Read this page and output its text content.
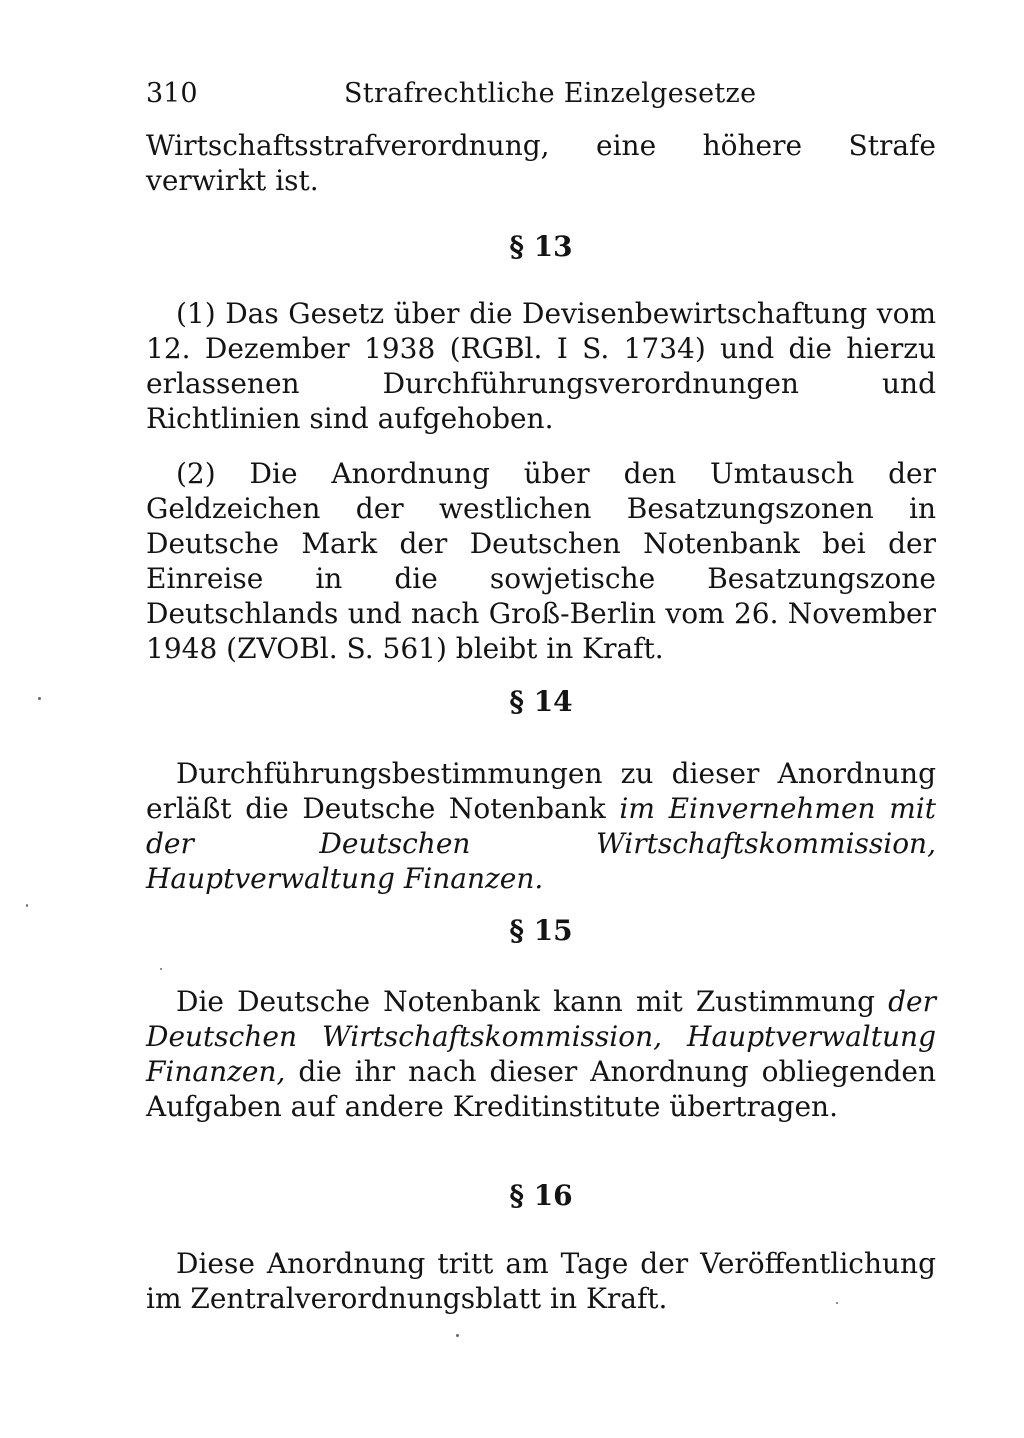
310	Strafrechtliche Einzelgesetze

Wirtschaftsstrafverordnung, eine höhere Strafe verwirkt ist.

§ 13

(1) Das Gesetz über die Devisenbewirtschaftung vom 12. Dezember 1938 (RGBl. I S. 1734) und die hierzu erlassenen Durchführungsverordnungen und Richtlinien sind aufgehoben.

(2) Die Anordnung über den Umtausch der Geldzeichen der westlichen Besatzungszonen in Deutsche Mark der Deutschen Notenbank bei der Einreise in die sowjetische Besatzungszone Deutschlands und nach Groß-Berlin vom 26. November 1948 (ZVOBl. S. 561) bleibt in Kraft.

§ 14

Durchführungsbestimmungen zu dieser Anordnung erläßt die Deutsche Notenbank im Einvernehmen mit der Deutschen Wirtschaftskommission, Hauptverwaltung Finanzen.

§ 15

Die Deutsche Notenbank kann mit Zustimmung der Deutschen Wirtschaftskommission, Hauptverwaltung Finanzen, die ihr nach dieser Anordnung obliegenden Aufgaben auf andere Kreditinstitute übertragen.

§ 16

Diese Anordnung tritt am Tage der Veröffentlichung im Zentralverordnungsblatt in Kraft.
